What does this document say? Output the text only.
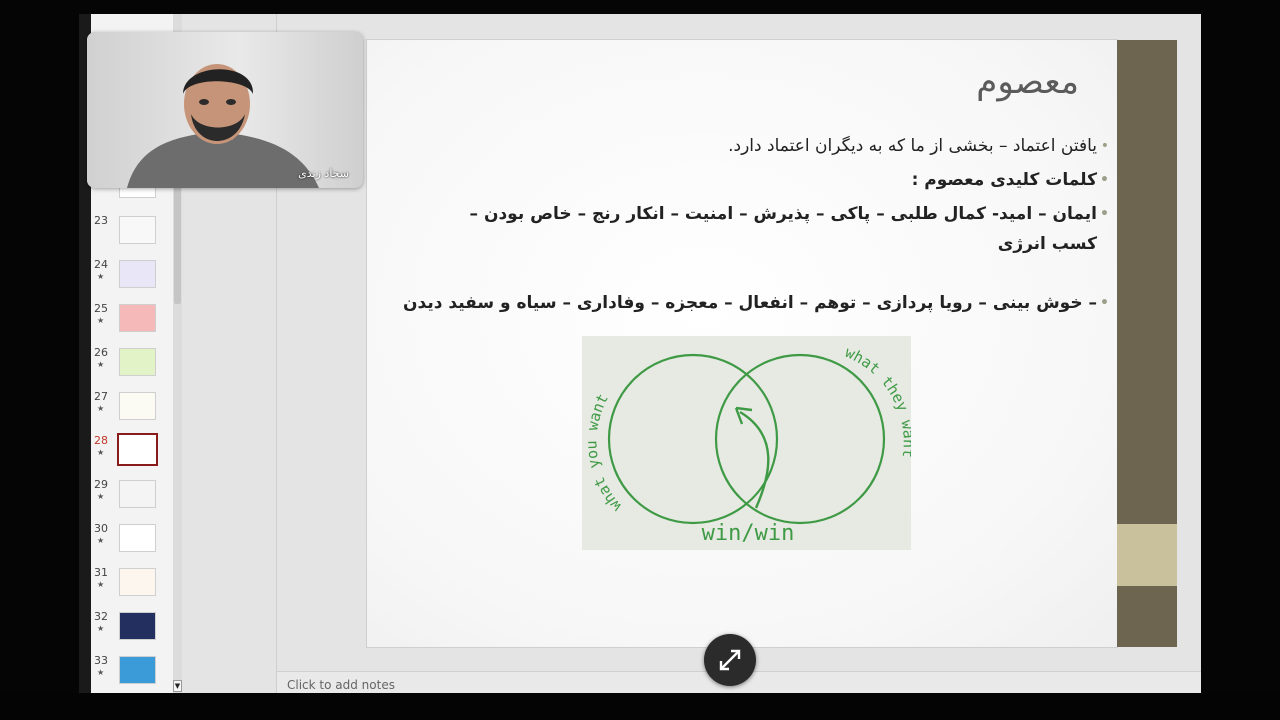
23
24
★
25
★
26
★
27
★
28
★
29
★
30
★
31
★
32
★
33
★
▼	Click to add notes
معصوم
•
یافتن اعتماد – بخشی از ما که به دیگران اعتماد دارد.
•
کلمات کلیدی معصوم :
•
ایمان – امید- کمال طلبی – پاکی – پذیرش – امنیت – انکار رنج – خاص بودن – کسب انرژی
•
– خوش بینی – رویا پردازی – توهم – انفعال – معجزه – وفاداری – سیاه و سفید دیدن
what you want
what they
win/win
سجاد زندی
